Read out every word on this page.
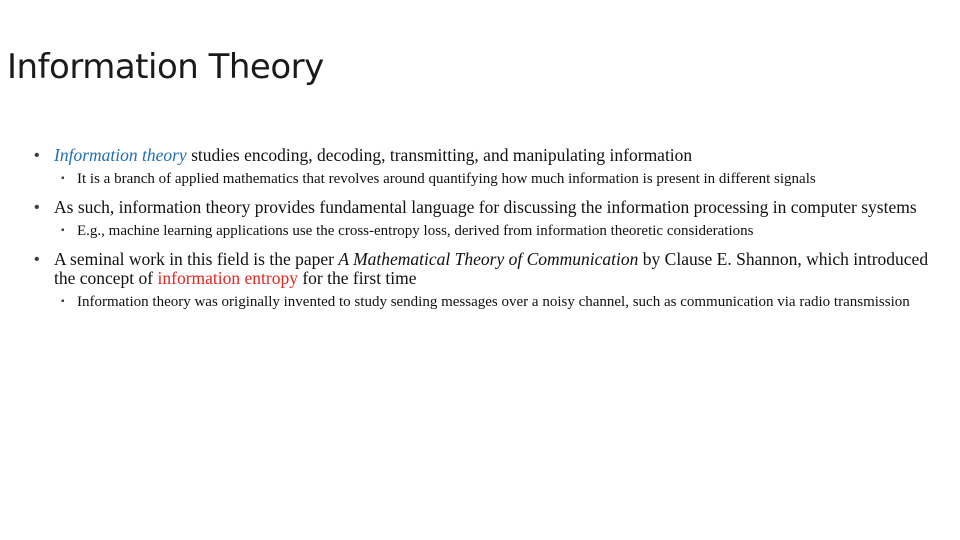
Information Theory
• Information theory studies encoding, decoding, transmitting, and manipulating information
▪ It is a branch of applied mathematics that revolves around quantifying how much information is present in different signals
• As such, information theory provides fundamental language for discussing the information processing in computer systems
▪ E.g., machine learning applications use the cross-entropy loss, derived from information theoretic considerations
• A seminal work in this field is the paper A Mathematical Theory of Communication by Clause E. Shannon, which introduced the concept of information entropy for the first time
▪ Information theory was originally invented to study sending messages over a noisy channel, such as communication via radio transmission
